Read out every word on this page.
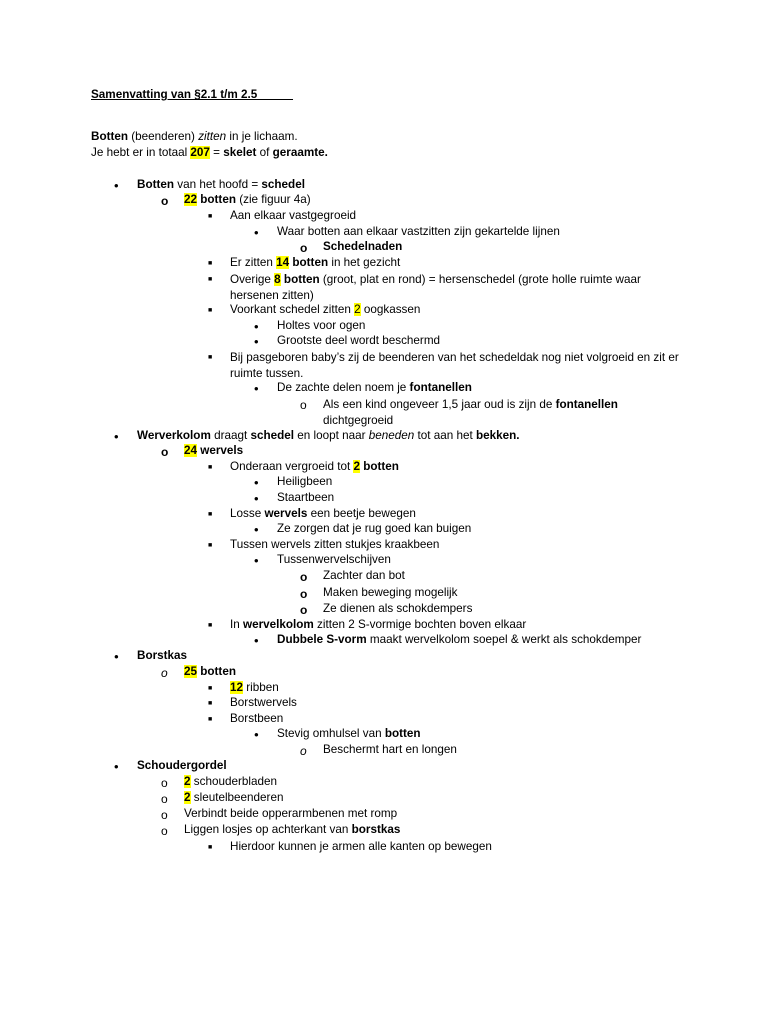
Samenvatting van §2.1 t/m 2.5
Botten (beenderen) zitten in je lichaam.
Je hebt er in totaal 207 = skelet of geraamte.
• Botten van het hoofd = schedel
o 22 botten (zie figuur 4a)
■ Aan elkaar vastgegroeid
• Waar botten aan elkaar vastzitten zijn gekartelde lijnen
o Schedelnaden
■ Er zitten 14 botten in het gezicht
■ Overige 8 botten (groot, plat en rond) = hersenschedel (grote holle ruimte waar hersenen zitten)
■ Voorkant schedel zitten 2 oogkassen
• Holtes voor ogen
• Grootste deel wordt beschermd
■ Bij pasgeboren baby’s zij de beenderen van het schedeldak nog niet volgroeid en zit er ruimte tussen.
• De zachte delen noem je fontanellen
o Als een kind ongeveer 1,5 jaar oud is zijn de fontanellen dichtgegroeid
• Werverkolom draagt schedel en loopt naar beneden tot aan het bekken.
o 24 wervels
■ Onderaan vergroeid tot 2 botten
• Heiligbeen
• Staartbeen
■ Losse wervels een beetje bewegen
• Ze zorgen dat je rug goed kan buigen
■ Tussen wervels zitten stukjes kraakbeen
• Tussenwervelschijven
o Zachter dan bot
o Maken beweging mogelijk
o Ze dienen als schokdempers
■ In wervelkolom zitten 2 S-vormige bochten boven elkaar
• Dubbele S-vorm maakt wervelkolom soepel & werkt als schokdemper
• Borstkas
o 25 botten
■ 12 ribben
■ Borstwervels
■ Borstbeen
• Stevig omhulsel van botten
o Beschermt hart en longen
• Schoudergordel
o 2 schouderbladen
o 2 sleutelbeenderen
o Verbindt beide opperarmbenen met romp
o Liggen losjes op achterkant van borstkas
■ Hierdoor kunnen je armen alle kanten op bewegen
